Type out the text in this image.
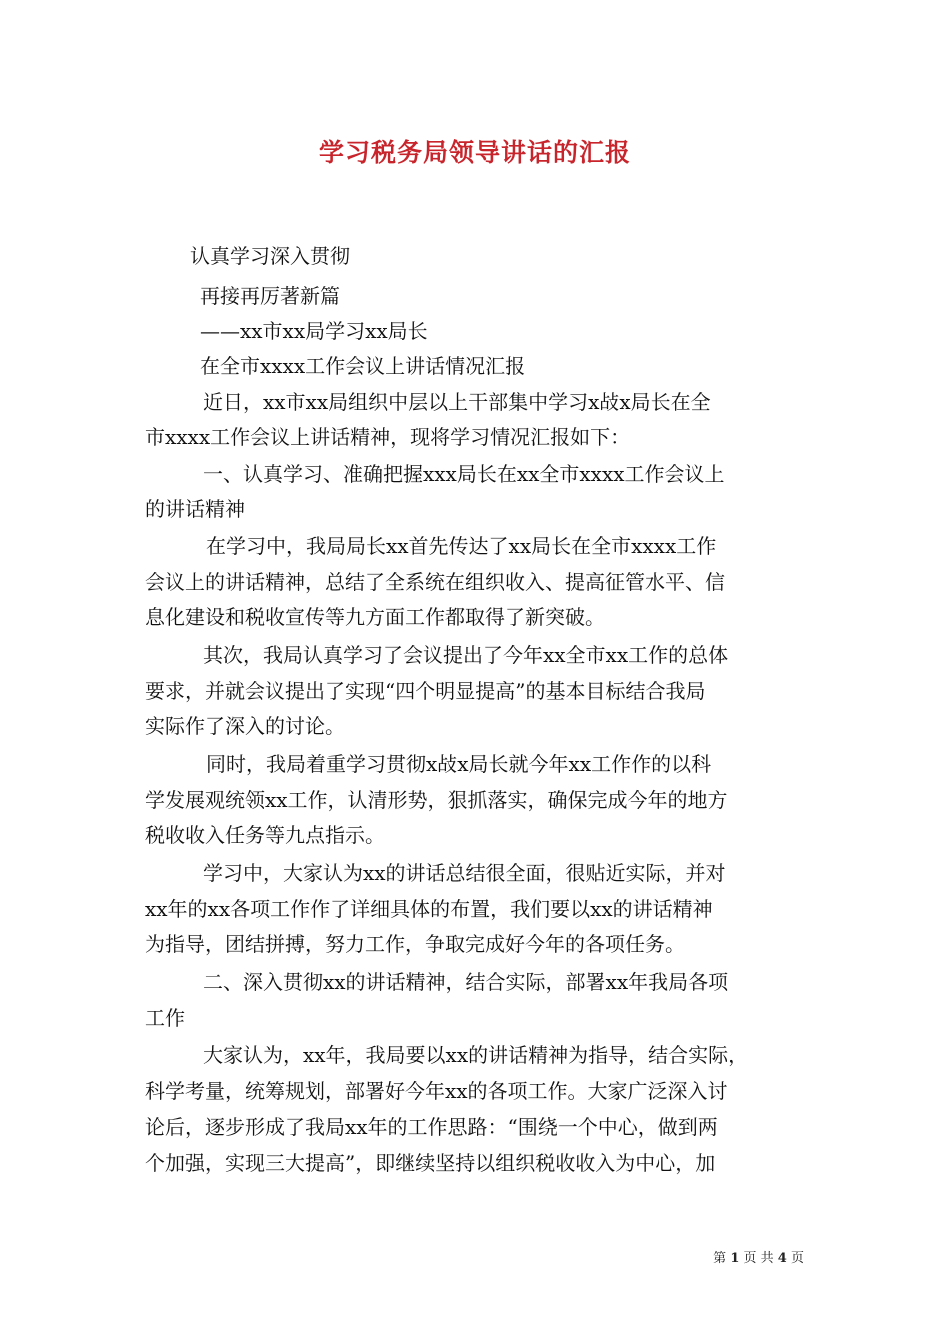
学习税务局领导讲话的汇报

认真学习深入贯彻

再接再厉著新篇

——xx市xx局学习xx局长

在全市xxxx工作会议上讲话情况汇报

近日，xx市xx局组织中层以上干部集中学习x敁x局长在全

市xxxx工作会议上讲话精神，现将学习情况汇报如下：

一、认真学习、准确把握xxx局长在xx全市xxxx工作会议上

的讲话精神

在学习中，我局局长xx首先传达了xx局长在全市xxxx工作

会议上的讲话精神，总结了全系统在组织收入、提高征管水平、信

息化建设和税收宣传等九方面工作都取得了新突破。

其次，我局认真学习了会议提出了今年xx全市xx工作的总体

要求，并就会议提出了实现“四个明显提高”的基本目标结合我局

实际作了深入的讨论。

同时，我局着重学习贯彻x敁x局长就今年xx工作作的以科

学发展观统领xx工作，认清形势，狠抓落实，确保完成今年的地方

税收收入任务等九点指示。

学习中，大家认为xx的讲话总结很全面，很贴近实际，并对

xx年的xx各项工作作了详细具体的布置，我们要以xx的讲话精神

为指导，团结拼搏，努力工作，争取完成好今年的各项任务。

二、深入贯彻xx的讲话精神，结合实际，部署xx年我局各项

工作

大家认为，xx年，我局要以xx的讲话精神为指导，结合实际，

科学考量，统筹规划，部署好今年xx的各项工作。大家广泛深入讨

论后，逐步形成了我局xx年的工作思路：“围绕一个中心，做到两

个加强，实现三大提高”，即继续坚持以组织税收收入为中心，加

第 1 页 共 4 页
